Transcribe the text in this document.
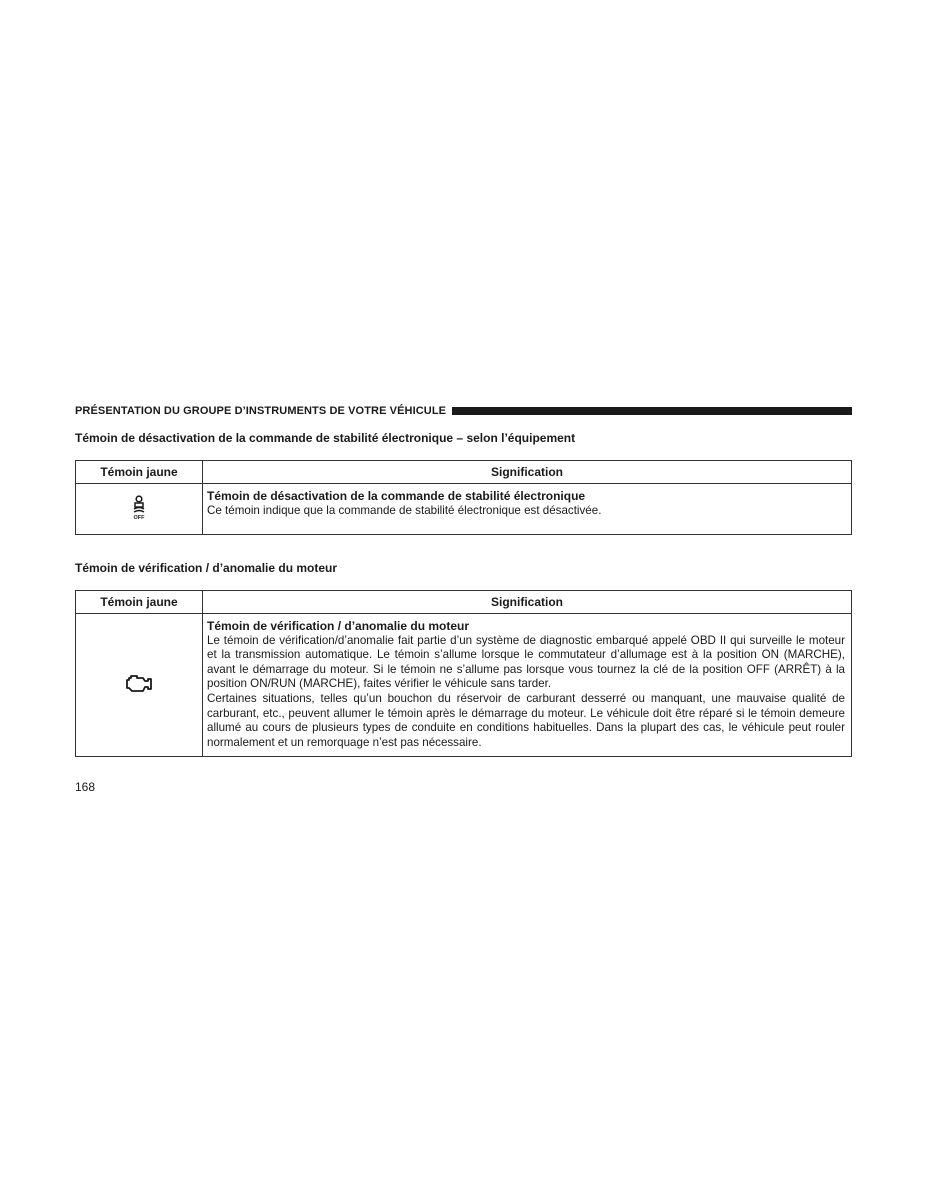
PRÉSENTATION DU GROUPE D’INSTRUMENTS DE VOTRE VÉHICULE
Témoin de désactivation de la commande de stabilité électronique – selon l’équipement
Témoin jaune	Signification

OFF	Témoin de désactivation de la commande de stabilité électronique
Ce témoin indique que la commande de stabilité électronique est désactivée.
Témoin de vérification / d’anomalie du moteur
Témoin jaune	Signification

Témoin de vérification / d’anomalie du moteur
Le témoin de vérification/d’anomalie fait partie d’un système de diagnostic embarqué appelé OBD II qui surveille le moteur et la transmission automatique. Le témoin s’allume lorsque le commutateur d’allumage est à la position ON (MARCHE), avant le démarrage du moteur. Si le témoin ne s’allume pas lorsque vous tournez la clé de la position OFF (ARRÊT) à la position ON/RUN (MARCHE), faites vérifier le véhicule sans tarder.
Certaines situations, telles qu’un bouchon du réservoir de carburant desserré ou manquant, une mauvaise qualité de carburant, etc., peuvent allumer le témoin après le démarrage du moteur. Le véhicule doit être réparé si le témoin demeure allumé au cours de plusieurs types de conduite en conditions habituelles. Dans la plupart des cas, le véhicule peut rouler normalement et un remorquage n’est pas nécessaire.
168
